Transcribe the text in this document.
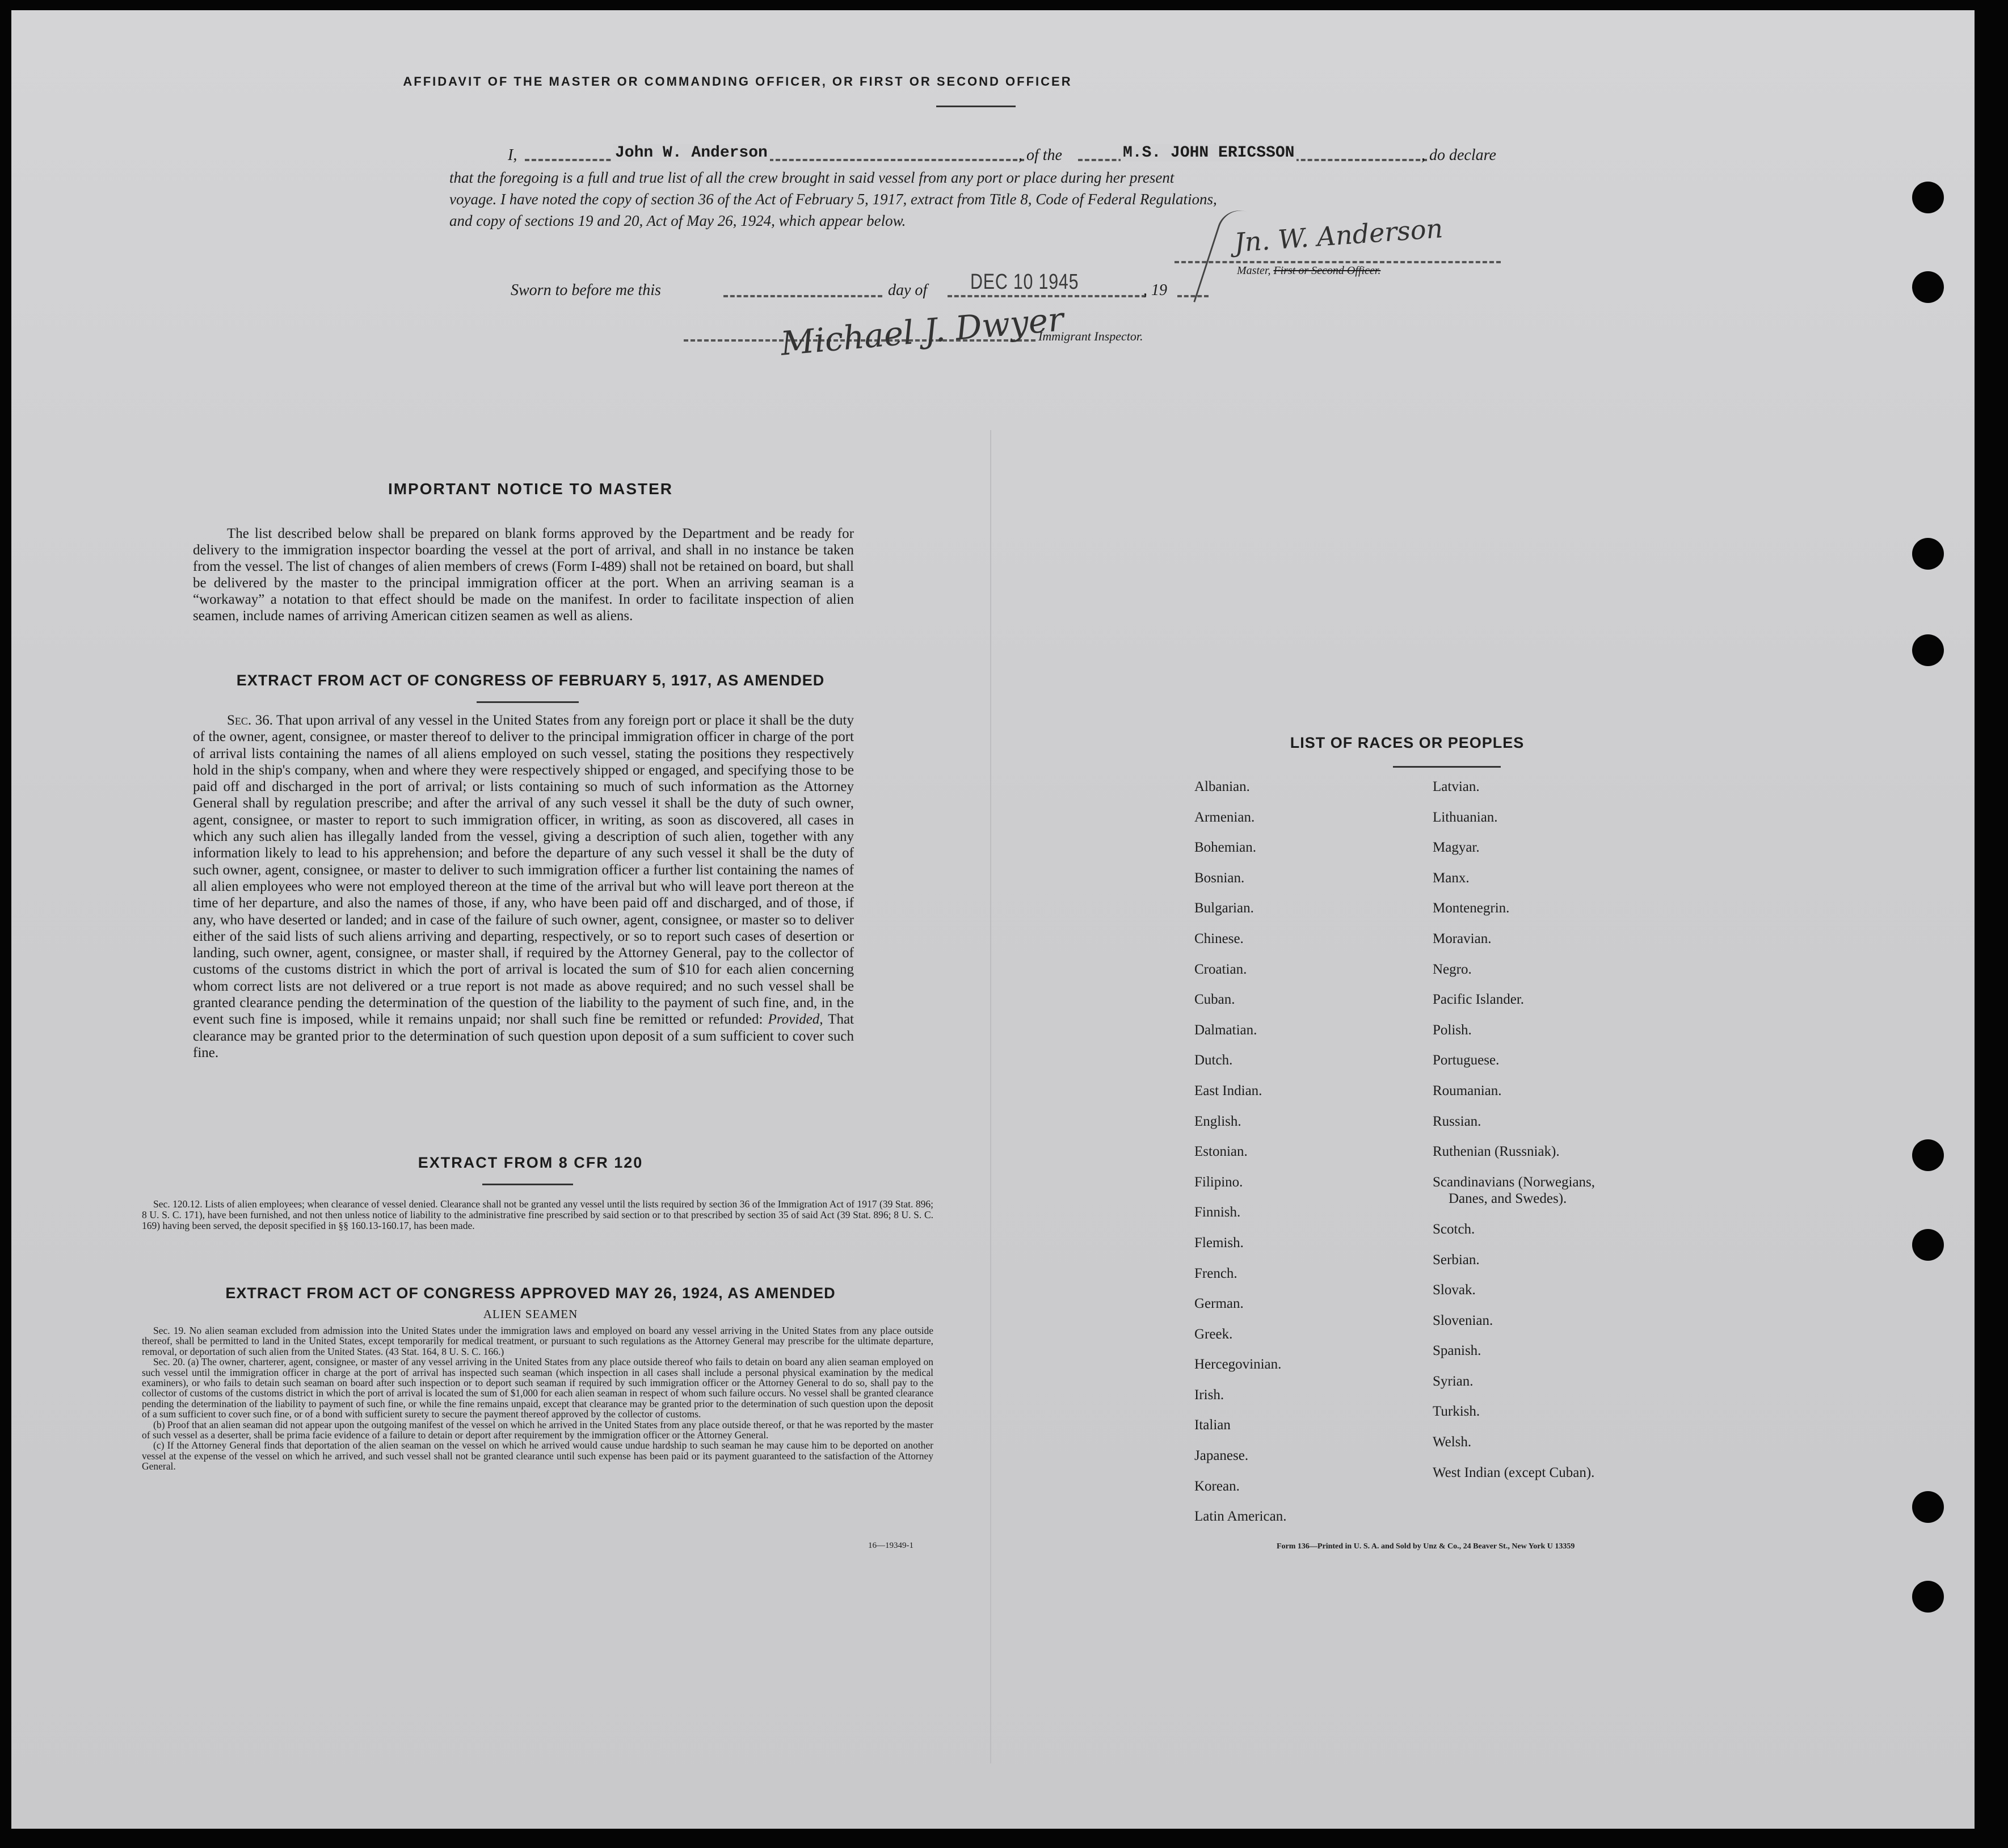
AFFIDAVIT OF THE MASTER OR COMMANDING OFFICER, OR FIRST OR SECOND OFFICER
I,	John W. Anderson	, of the	M.S. JOHN ERICSSON	, do declare
that the foregoing is a full and true list of all the crew brought in said vessel from any port or place during her present
voyage. I have noted the copy of section 36 of the Act of February 5, 1917, extract from Title 8, Code of Federal Regulations,
and copy of sections 19 and 20, Act of May 26, 1924, which appear below.	Jn. W. Anderson
Master, First or Second Officer.
Sworn to before me this	day of DEC 10 1945	, 19
Michael J. Dwyer
Immigrant Inspector.
IMPORTANT NOTICE TO MASTER
The list described below shall be prepared on blank forms approved by the Department and be ready for delivery to the immigration inspector boarding the vessel at the port of arrival, and shall in no instance be taken from the vessel. The list of changes of alien members of crews (Form I-489) shall not be retained on board, but shall be delivered by the master to the principal immigration officer at the port. When an arriving seaman is a “workaway” a notation to that effect should be made on the manifest. In order to facilitate inspection of alien seamen, include names of arriving American citizen seamen as well as aliens.
EXTRACT FROM ACT OF CONGRESS OF FEBRUARY 5, 1917, AS AMENDED
Sec. 36. That upon arrival of any vessel in the United States from any foreign port or place it shall be the duty of the owner, agent, consignee, or master thereof to deliver to the principal immigration officer in charge of the port of arrival lists containing the names of all aliens employed on such vessel, stating the positions they respectively hold in the ship's company, when and where they were respectively shipped or engaged, and specifying those to be paid off and discharged in the port of arrival; or lists containing so much of such information as the Attorney General shall by regulation prescribe; and after the arrival of any such vessel it shall be the duty of such owner, agent, consignee, or master to report to such immigration officer, in writing, as soon as discovered, all cases in which any such alien has illegally landed from the vessel, giving a description of such alien, together with any information likely to lead to his apprehension; and before the departure of any such vessel it shall be the duty of such owner, agent, consignee, or master to deliver to such immigration officer a further list containing the names of all alien employees who were not employed thereon at the time of the arrival but who will leave port thereon at the time of her departure, and also the names of those, if any, who have been paid off and discharged, and of those, if any, who have deserted or landed; and in case of the failure of such owner, agent, consignee, or master so to deliver either of the said lists of such aliens arriving and departing, respectively, or so to report such cases of desertion or landing, such owner, agent, consignee, or master shall, if required by the Attorney General, pay to the collector of customs of the customs district in which the port of arrival is located the sum of $10 for each alien concerning whom correct lists are not delivered or a true report is not made as above required; and no such vessel shall be granted clearance pending the determination of the question of the liability to the payment of such fine, and, in the event such fine is imposed, while it remains unpaid; nor shall such fine be remitted or refunded: Provided, That clearance may be granted prior to the determination of such question upon deposit of a sum sufficient to cover such fine.
EXTRACT FROM 8 CFR 120
Sec. 120.12. Lists of alien employees; when clearance of vessel denied. Clearance shall not be granted any vessel until the lists required by section 36 of the Immigration Act of 1917 (39 Stat. 896; 8 U. S. C. 171), have been furnished, and not then unless notice of liability to the administrative fine prescribed by said section or to that prescribed by section 35 of said Act (39 Stat. 896; 8 U. S. C. 169) having been served, the deposit specified in §§ 160.13-160.17, has been made.
EXTRACT FROM ACT OF CONGRESS APPROVED MAY 26, 1924, AS AMENDED
ALIEN SEAMEN
Sec. 19. No alien seaman excluded from admission into the United States under the immigration laws and employed on board any vessel arriving in the United States from any place outside thereof, shall be permitted to land in the United States, except temporarily for medical treatment, or pursuant to such regulations as the Attorney General may prescribe for the ultimate departure, removal, or deportation of such alien from the United States. (43 Stat. 164, 8 U. S. C. 166.)
Sec. 20. (a) The owner, charterer, agent, consignee, or master of any vessel arriving in the United States from any place outside thereof who fails to detain on board any alien seaman employed on such vessel until the immigration officer in charge at the port of arrival has inspected such seaman (which inspection in all cases shall include a personal physical examination by the medical examiners), or who fails to detain such seaman on board after such inspection or to deport such seaman if required by such immigration officer or the Attorney General to do so, shall pay to the collector of customs of the customs district in which the port of arrival is located the sum of $1,000 for each alien seaman in respect of whom such failure occurs. No vessel shall be granted clearance pending the determination of the liability to payment of such fine, or while the fine remains unpaid, except that clearance may be granted prior to the determination of such question upon the deposit of a sum sufficient to cover such fine, or of a bond with sufficient surety to secure the payment thereof approved by the collector of customs.
(b) Proof that an alien seaman did not appear upon the outgoing manifest of the vessel on which he arrived in the United States from any place outside thereof, or that he was reported by the master of such vessel as a deserter, shall be prima facie evidence of a failure to detain or deport after requirement by the immigration officer or the Attorney General.
(c) If the Attorney General finds that deportation of the alien seaman on the vessel on which he arrived would cause undue hardship to such seaman he may cause him to be deported on another vessel at the expense of the vessel on which he arrived, and such vessel shall not be granted clearance until such expense has been paid or its payment guaranteed to the satisfaction of the Attorney General.
16—19349-1
LIST OF RACES OR PEOPLES
Albanian.
Armenian.
Bohemian.
Bosnian.
Bulgarian.
Chinese.
Croatian.
Cuban.
Dalmatian.
Dutch.
East Indian.
English.
Estonian.
Filipino.
Finnish.
Flemish.
French.
German.
Greek.
Hercegovinian.
Irish.
Italian
Japanese.
Korean.
Latin American.
Latvian.
Lithuanian.
Magyar.
Manx.
Montenegrin.
Moravian.
Negro.
Pacific Islander.
Polish.
Portuguese.
Roumanian.
Russian.
Ruthenian (Russniak).
Scandinavians (Norwegians,
Danes, and Swedes).
Scotch.
Serbian.
Slovak.
Slovenian.
Spanish.
Syrian.
Turkish.
Welsh.
West Indian (except Cuban).
Form 136—Printed in U. S. A. and Sold by Unz & Co., 24 Beaver St., New York U 13359
